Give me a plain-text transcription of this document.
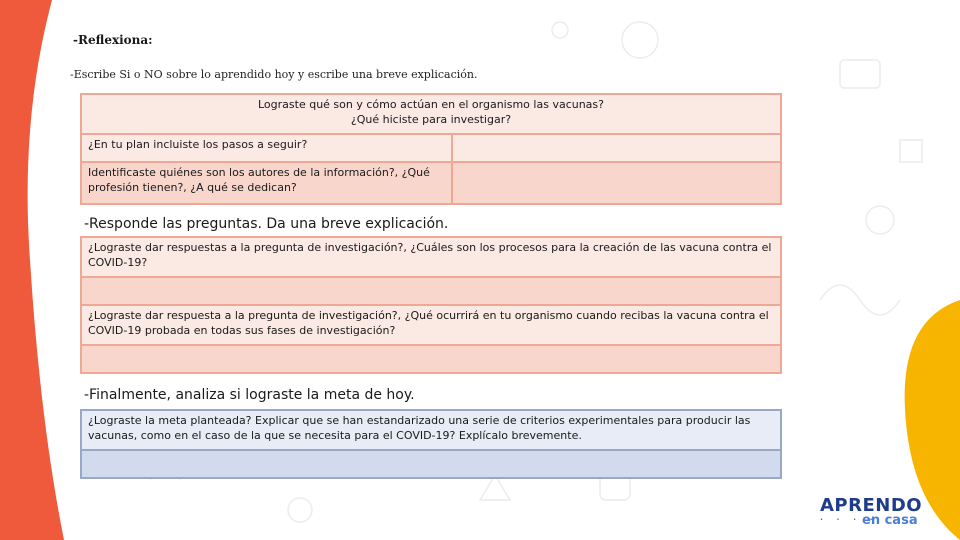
-Reflexiona:
-Escribe Si o NO sobre lo aprendido hoy y escribe una breve explicación.
Lograste qué son y cómo actúan en el organismo las vacunas?
¿Qué hiciste para investigar?	
¿En tu plan incluiste los pasos a seguir?	
Identificaste quiénes son los autores de la información?, ¿Qué profesión tienen?, ¿A qué se dedican?	
-Responde las preguntas. Da una breve explicación.
¿Lograste dar respuestas a la pregunta de investigación?, ¿Cuáles son los procesos para la creación de las vacuna contra el COVID-19?

¿Lograste dar respuesta a la pregunta de investigación?, ¿Qué ocurrirá en tu organismo cuando recibas la vacuna contra el COVID-19 probada en todas sus fases de investigación?

-Finalmente, analiza si lograste la meta de hoy.
¿Lograste la meta planteada? Explicar que se han estandarizado una serie de criterios experimentales para producir las vacunas, como en el caso de la que se necesita para el COVID-19? Explícalo brevemente.

APRENDO
• • • •
en casa
